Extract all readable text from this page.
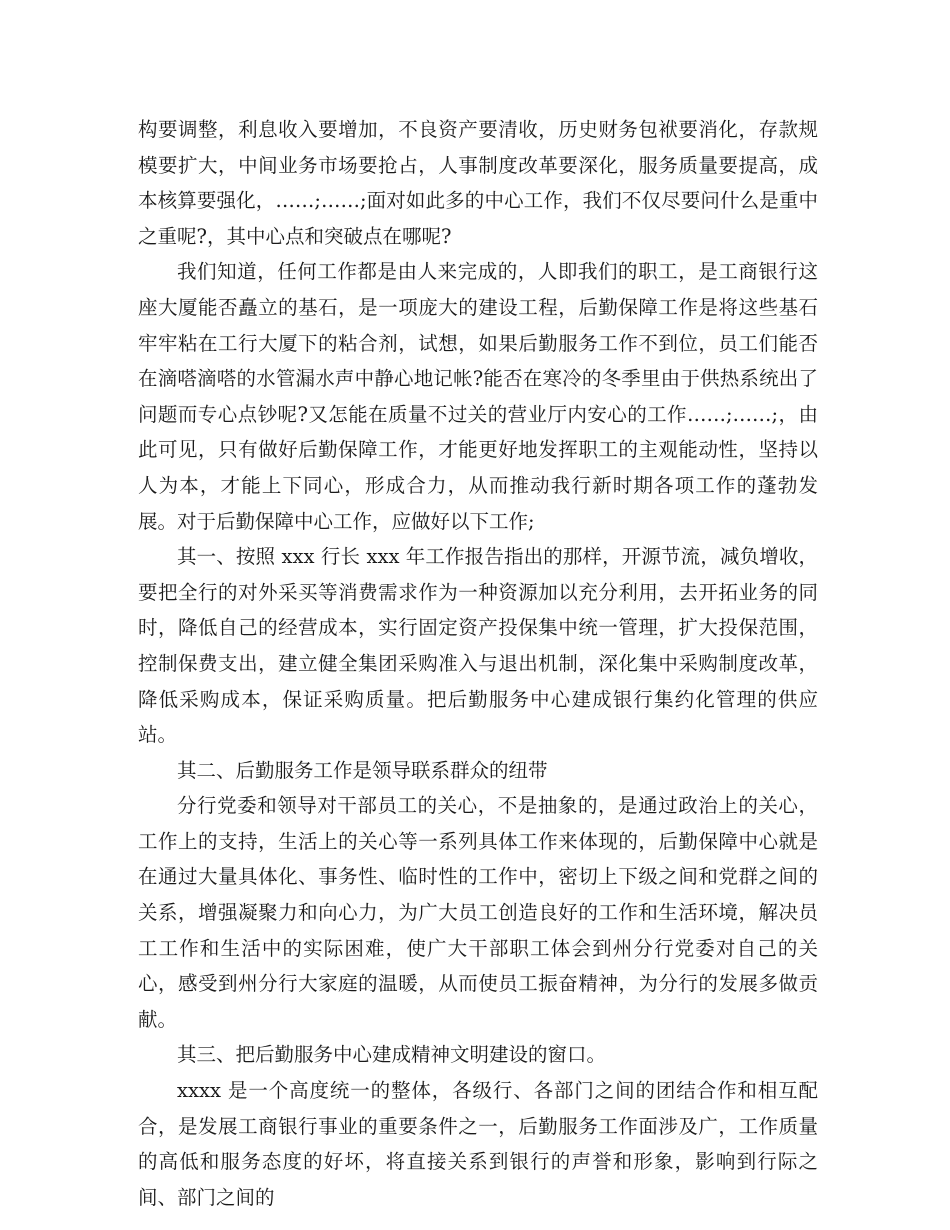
构要调整，利息收入要增加，不良资产要清收，历史财务包袱要消化，存款规模要扩大，中间业务市场要抢占，人事制度改革要深化，服务质量要提高，成本核算要强化，……;……;面对如此多的中心工作，我们不仅尽要问什么是重中之重呢?，其中心点和突破点在哪呢?

我们知道，任何工作都是由人来完成的，人即我们的职工，是工商银行这座大厦能否矗立的基石，是一项庞大的建设工程，后勤保障工作是将这些基石牢牢粘在工行大厦下的粘合剂，试想，如果后勤服务工作不到位，员工们能否在滴嗒滴嗒的水管漏水声中静心地记帐?能否在寒冷的冬季里由于供热系统出了问题而专心点钞呢?又怎能在质量不过关的营业厅内安心的工作……;……;，由此可见，只有做好后勤保障工作，才能更好地发挥职工的主观能动性，坚持以人为本，才能上下同心，形成合力，从而推动我行新时期各项工作的蓬勃发展。对于后勤保障中心工作，应做好以下工作;

其一、按照 xxx 行长 xxx 年工作报告指出的那样，开源节流，减负增收，要把全行的对外采买等消费需求作为一种资源加以充分利用，去开拓业务的同时，降低自己的经营成本，实行固定资产投保集中统一管理，扩大投保范围，控制保费支出，建立健全集团采购准入与退出机制，深化集中采购制度改革，降低采购成本，保证采购质量。把后勤服务中心建成银行集约化管理的供应站。

其二、后勤服务工作是领导联系群众的纽带

分行党委和领导对干部员工的关心，不是抽象的，是通过政治上的关心，工作上的支持，生活上的关心等一系列具体工作来体现的，后勤保障中心就是在通过大量具体化、事务性、临时性的工作中，密切上下级之间和党群之间的关系，增强凝聚力和向心力，为广大员工创造良好的工作和生活环境，解决员工工作和生活中的实际困难，使广大干部职工体会到州分行党委对自己的关心，感受到州分行大家庭的温暖，从而使员工振奋精神，为分行的发展多做贡献。

其三、把后勤服务中心建成精神文明建设的窗口。

xxxx 是一个高度统一的整体，各级行、各部门之间的团结合作和相互配合，是发展工商银行事业的重要条件之一，后勤服务工作面涉及广，工作质量的高低和服务态度的好坏，将直接关系到银行的声誉和形象，影响到行际之间、部门之间的
